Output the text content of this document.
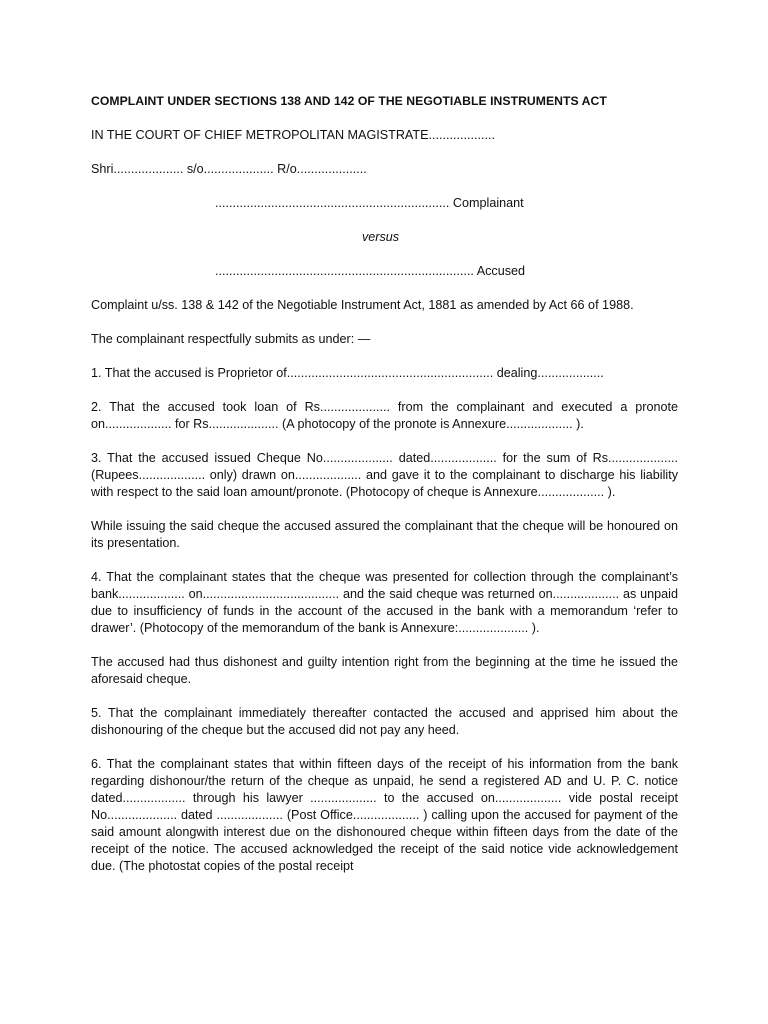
COMPLAINT UNDER SECTIONS 138 AND 142 OF THE NEGOTIABLE INSTRUMENTS ACT

IN THE COURT OF CHIEF METROPOLITAN MAGISTRATE...................

Shri.................... s/o.................... R/o....................

................................................................... Complainant

versus

.......................................................................... Accused

Complaint u/ss. 138 & 142 of the Negotiable Instrument Act, 1881 as amended by Act 66 of 1988.

The complainant respectfully submits as under: —

1. That the accused is Proprietor of........................................................... dealing...................

2. That the accused took loan of Rs.................... from the complainant and executed a pronote on................... for Rs.................... (A photocopy of the pronote is Annexure................... ).

3. That the accused issued Cheque No.................... dated................... for the sum of Rs.................... (Rupees................... only) drawn on................... and gave it to the complainant to discharge his liability with respect to the said loan amount/pronote. (Photocopy of cheque is Annexure................... ).

While issuing the said cheque the accused assured the complainant that the cheque will be honoured on its presentation.

4. That the complainant states that the cheque was presented for collection through the complainant’s bank................... on....................................... and the said cheque was returned on................... as unpaid due to insufficiency of funds in the account of the accused in the bank with a memorandum ‘refer to drawer’. (Photocopy of the memorandum of the bank is Annexure:.................... ).

The accused had thus dishonest and guilty intention right from the beginning at the time he issued the aforesaid cheque.

5. That the complainant immediately thereafter contacted the accused and apprised him about the dishonouring of the cheque but the accused did not pay any heed.

6. That the complainant states that within fifteen days of the receipt of his information from the bank regarding dishonour/the return of the cheque as unpaid, he send a registered AD and U. P. C. notice dated.................. through his lawyer ................... to the accused on................... vide postal receipt No.................... dated ................... (Post Office................... ) calling upon the accused for payment of the said amount alongwith interest due on the dishonoured cheque within fifteen days from the date of the receipt of the notice. The accused acknowledged the receipt of the said notice vide acknowledgement due. (The photostat copies of the postal receipt
